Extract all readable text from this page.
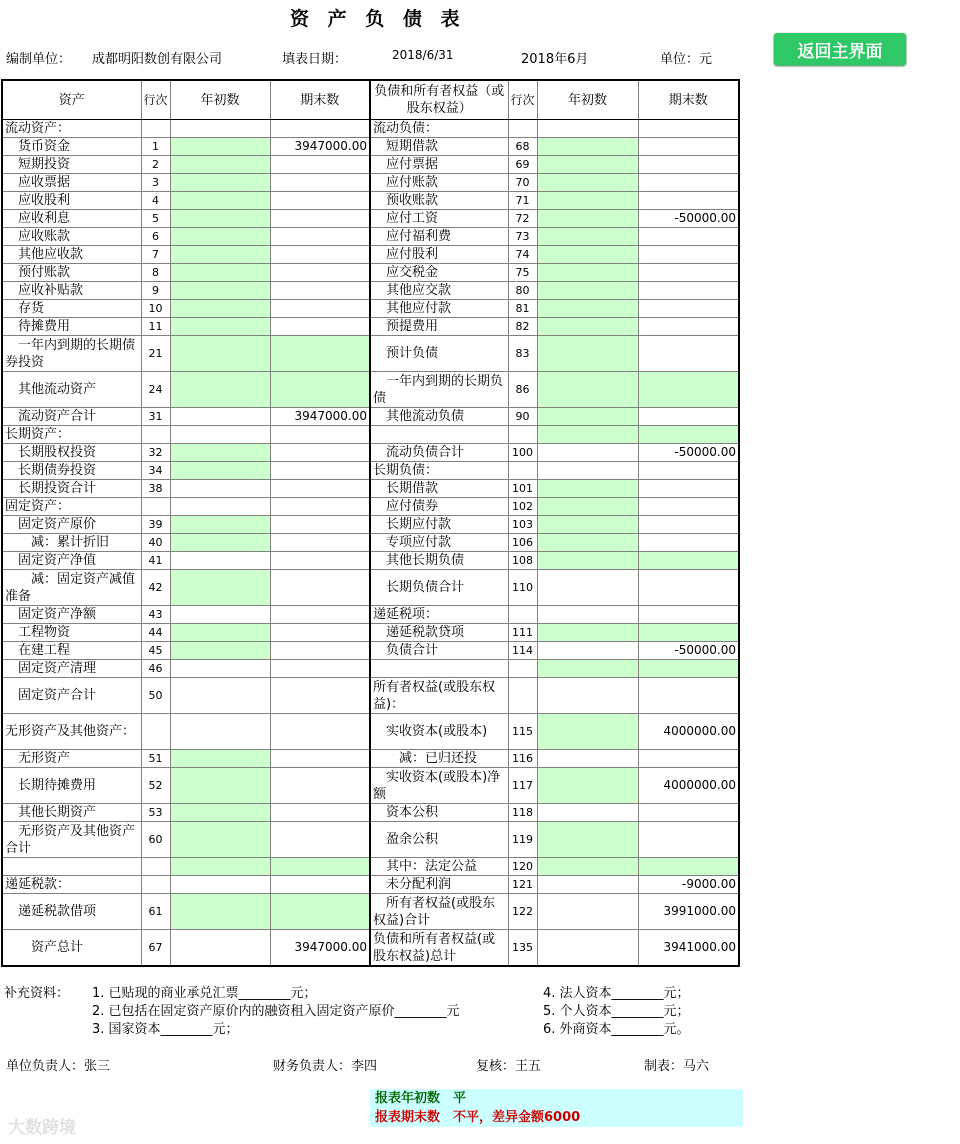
资 产 负 债 表
编制单位： 成都明阳数创有限公司	填表日期：	2018/6/31	2018年6月	单位：元	返回主界面
资产	行次	年初数	期末数	负债和所有者权益（或股东权益）	行次	年初数	期末数
流动资产：				流动负债：			
　货币资金	1		3947000.00	　短期借款	68		
　短期投资	2			　应付票据	69		
　应收票据	3			　应付账款	70		
　应收股利	4			　预收账款	71		
　应收利息	5			　应付工资	72		-50000.00
　应收账款	6			　应付福利费	73		
　其他应收款	7			　应付股利	74		
　预付账款	8			　应交税金	75		
　应收补贴款	9			　其他应交款	80		
　存货	10			　其他应付款	81		
　待摊费用	11			　预提费用	82		
　一年内到期的长期债券投资	21			　预计负债	83		
　其他流动资产	24			　一年内到期的长期负债	86		
　流动资产合计	31		3947000.00	　其他流动负债	90		
长期资产：							
　长期股权投资	32			　流动负债合计	100		-50000.00
　长期债券投资	34			长期负债：			
　长期投资合计	38			　长期借款	101		
固定资产：				　应付债券	102		
　固定资产原价	39			　长期应付款	103		
　　减：累计折旧	40			　专项应付款	106		
　固定资产净值	41			　其他长期负债	108		
　　减：固定资产减值准备	42			　长期负债合计	110		
　固定资产净额	43			递延税项：			
　工程物资	44			　递延税款贷项	111		
　在建工程	45			　负债合计	114		-50000.00
　固定资产清理	46						
　固定资产合计	50			所有者权益(或股东权益)：			
无形资产及其他资产：				　实收资本(或股本)	115		4000000.00
　无形资产	51			　　减：已归还投	116		
　长期待摊费用	52			　实收资本(或股本)净额	117		4000000.00
　其他长期资产	53			　资本公积	118		
　无形资产及其他资产合计	60			　盈余公积	119		
				　其中：法定公益	120		
递延税款：				　未分配利润	121		-9000.00
　递延税款借项	61			　所有者权益(或股东权益)合计	122		3991000.00
　　资产总计	67		3947000.00	负债和所有者权益(或股东权益)总计	135		3941000.00
补充资料： 1. 已贴现的商业承兑汇票________元；
2. 已包括在固定资产原价内的融资租入固定资产原价________元
3. 国家资本________元；
4. 法人资本________元；
5. 个人资本________元；
6. 外商资本________元。
单位负责人：张三	财务负责人：李四	复核：王五	制表：马六
报表年初数　平
报表期末数　不平，差异金额6000
大数跨境
